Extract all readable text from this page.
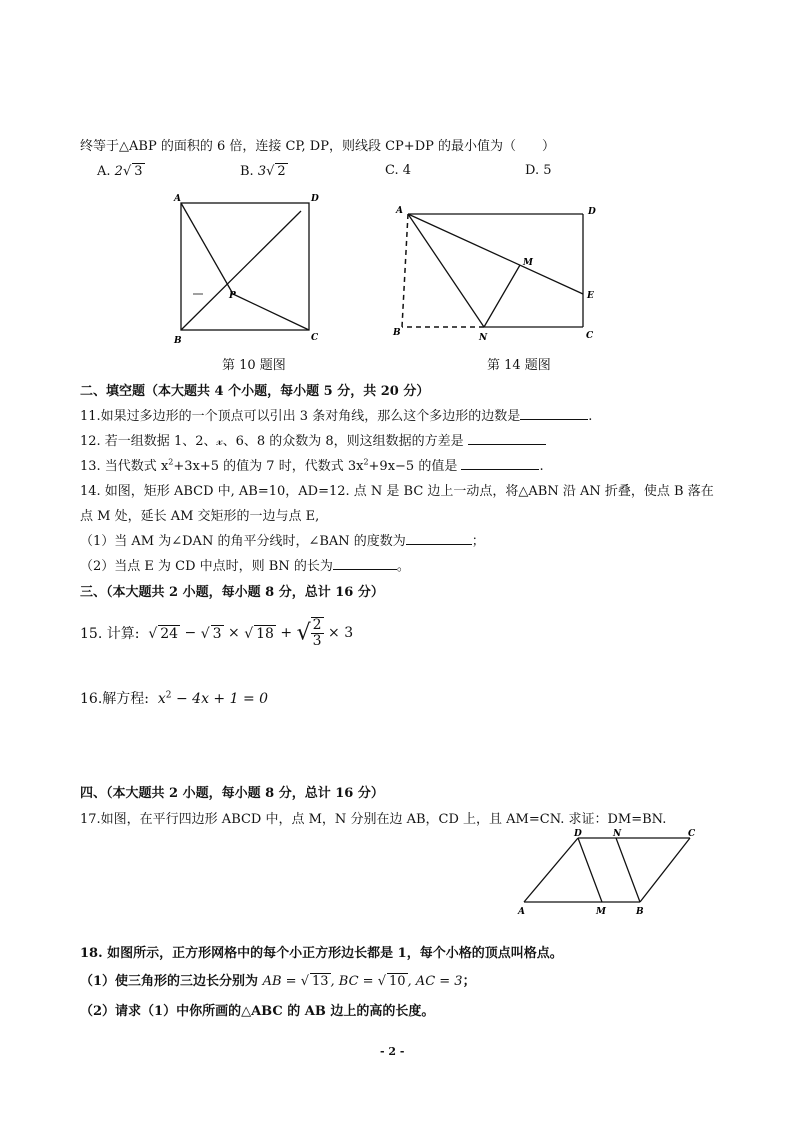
终等于△ABP 的面积的 6 倍，连接 CP, DP，则线段 CP+DP 的最小值为（　　）
A. 2√ 3	B. 3√ 2	C. 4	D. 5
A	D
B	C
P
第 10 题图
A	D
E
M
B	N	C
第 14 题图
二、填空题（本大题共 4 个小题，每小题 5 分，共 20 分）
11.如果过多边形的一个顶点可以引出 3 条对角线，那么这个多边形的边数是	.
12. 若一组数据 1、2、𝓍、6、8 的众数为 8，则这组数据的方差是
13. 当代数式 $x^2+3x+5$ 的值为 7 时，代数式 $3x^2+9x-5$ 的值是	.
14. 如图，矩形 ABCD 中, AB=10，AD=12. 点 N 是 BC 边上一动点，将△ABN 沿 AN 折叠，使点 B 落在
点 M 处，延长 AM 交矩形的一边与点 E,
（1）当 AM 为∠DAN 的角平分线时，∠BAN 的度数为	；
（2）当点 E 为 CD 中点时，则 BN 的长为	。
三、（本大题共 2 小题，每小题 8 分，总计 16 分）
15. 计算: √ 24 − √ 3 × √ 18 + √ $\frac{2}{3} \times 3$
16.解方程: $x^2 - 4x + 1 = 0$
四、（本大题共 2 小题，每小题 8 分，总计 16 分）
17.如图，在平行四边形 ABCD 中，点 M，N 分别在边 AB，CD 上，且 AM=CN. 求证：DM=BN.
D	N	C
A	M	B
18. 如图所示，正方形网格中的每个小正方形边长都是 1，每个小格的顶点叫格点。
（1）使三角形的三边长分别为 AB = √ 13 , BC = √ 10 , AC = 3；
（2）请求（1）中你所画的△ABC 的 AB 边上的高的长度。
- 2 -
